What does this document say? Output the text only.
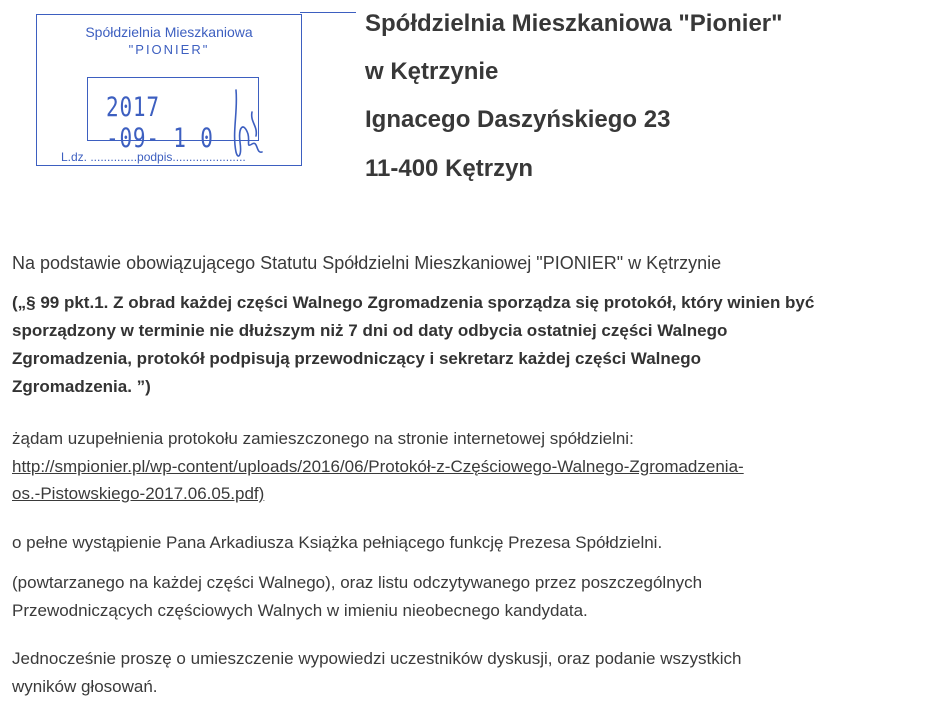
Spółdzielnia Mieszkaniowa
"PIONIER"
2017 -09- 1 0
L.dz. ..............podpis......................
Spółdzielnia Mieszkaniowa "Pionier"
w Kętrzynie
Ignacego Daszyńskiego 23
11-400 Kętrzyn
Na podstawie obowiązującego Statutu Spółdzielni Mieszkaniowej "PIONIER" w Kętrzynie
(„§ 99 pkt.1. Z obrad każdej części Walnego Zgromadzenia sporządza się protokół, który winien być
sporządzony w terminie nie dłuższym niż 7 dni od daty odbycia ostatniej części Walnego
Zgromadzenia, protokół podpisują przewodniczący i sekretarz każdej części Walnego
Zgromadzenia. ”)
żądam uzupełnienia protokołu zamieszczonego na stronie internetowej spółdzielni:
http://smpionier.pl/wp-content/uploads/2016/06/Protokół-z-Częściowego-Walnego-Zgromadzenia-
os.-Pistowskiego-2017.06.05.pdf)
o pełne wystąpienie Pana Arkadiusza Książka pełniącego funkcję Prezesa Spółdzielni.
(powtarzanego na każdej części Walnego), oraz listu odczytywanego przez poszczególnych
Przewodniczących częściowych Walnych w imieniu nieobecnego kandydata.
Jednocześnie proszę o umieszczenie wypowiedzi uczestników dyskusji, oraz podanie wszystkich
wyników głosowań.
